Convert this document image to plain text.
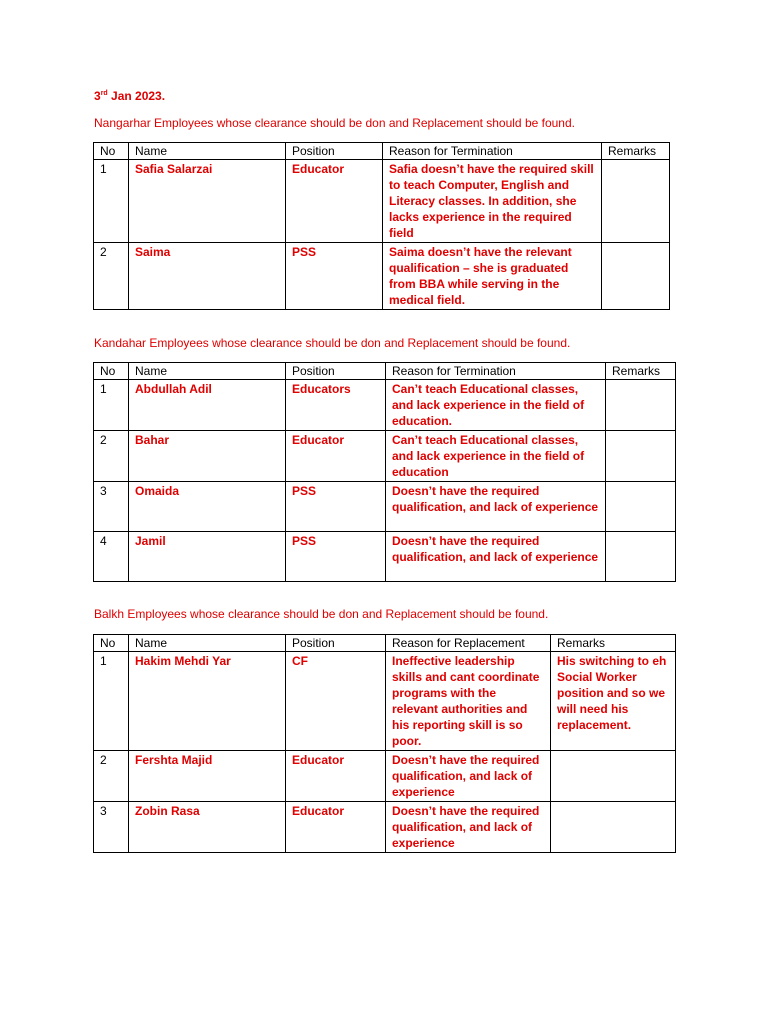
3rd Jan 2023.
Nangarhar Employees whose clearance should be don and Replacement should be found.
No	Name	Position	Reason for Termination	Remarks
1	Safia Salarzai	Educator	Safia doesn’t have the required skill to teach Computer, English and Literacy classes. In addition, she lacks experience in the required field	
2	Saima	PSS	Saima doesn’t have the relevant qualification – she is graduated from BBA while serving in the medical field.	
Kandahar Employees whose clearance should be don and Replacement should be found.
No	Name	Position	Reason for Termination	Remarks
1	Abdullah Adil	Educators	Can’t teach Educational classes, and lack experience in the field of education.	
2	Bahar	Educator	Can’t teach Educational classes, and lack experience in the field of education	
3	Omaida	PSS	Doesn’t have the required qualification, and lack of experience	
4	Jamil	PSS	Doesn’t have the required qualification, and lack of experience	
Balkh Employees whose clearance should be don and Replacement should be found.
No	Name	Position	Reason for Replacement	Remarks
1	Hakim Mehdi Yar	CF	Ineffective leadership skills and cant coordinate programs with the relevant authorities and his reporting skill is so poor.	His switching to eh Social Worker position and so we will need his replacement.
2	Fershta Majid	Educator	Doesn’t have the required qualification, and lack of experience	
3	Zobin Rasa	Educator	Doesn’t have the required qualification, and lack of experience	
